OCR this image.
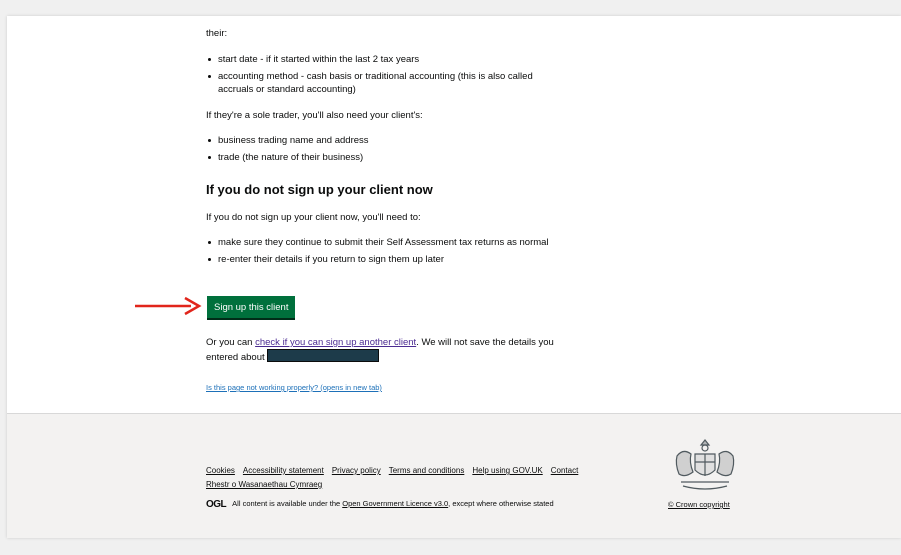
their:

start date - if it started within the last 2 tax years
accounting method - cash basis or traditional accounting (this is also called accruals or standard accounting)

If they're a sole trader, you'll also need your client's:

business trading name and address
trade (the nature of their business)
If you do not sign up your client now

If you do not sign up your client now, you'll need to:

make sure they continue to submit their Self Assessment tax returns as normal
re-enter their details if you return to sign them up later
Sign up this client

Or you can check if you can sign up another client. We will not save the details you entered about

Is this page not working properly? (opens in new tab)
Cookies Accessibility statement Privacy policy Terms and conditions Help using GOV.UK Contact
Rhestr o Wasanaethau Cymraeg
OGL All content is available under the Open Government Licence v3.0, except where otherwise stated	© Crown copyright
